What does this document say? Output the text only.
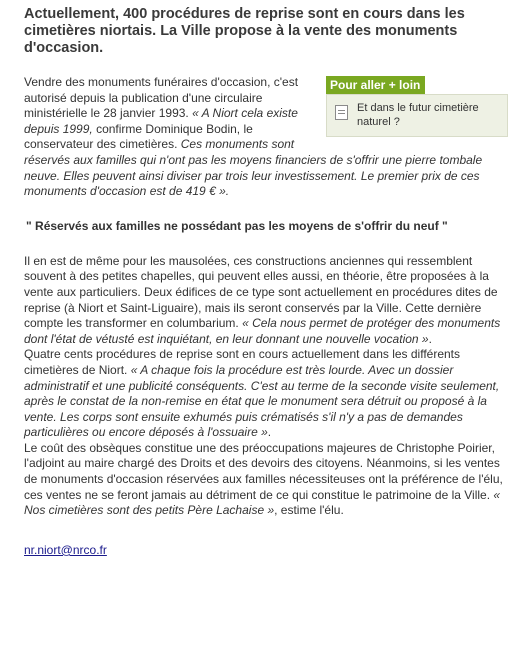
Actuellement, 400 procédures de reprise sont en cours dans les cimetières niortais. La Ville propose à la vente des monuments d'occasion.
Pour aller + loin
Et dans le futur cimetière naturel ?

Vendre des monuments funéraires d'occasion, c'est autorisé depuis la publication d'une circulaire ministérielle le 28 janvier 1993. « A Niort cela existe depuis 1999, confirme Dominique Bodin, le conservateur des cimetières. Ces monuments sont réservés aux familles qui n'ont pas les moyens financiers de s'offrir une pierre tombale neuve. Elles peuvent ainsi diviser par trois leur investissement. Le premier prix de ces monuments d'occasion est de 419 € ».

" Réservés aux familles ne possédant pas les moyens de s'offrir du neuf "

Il en est de même pour les mausolées, ces constructions anciennes qui ressemblent souvent à des petites chapelles, qui peuvent elles aussi, en théorie, être proposées à la vente aux particuliers. Deux édifices de ce type sont actuellement en procédures dites de reprise (à Niort et Saint-Liguaire), mais ils seront conservés par la Ville. Cette dernière compte les transformer en columbarium. « Cela nous permet de protéger des monuments dont l'état de vétusté est inquiétant, en leur donnant une nouvelle vocation ».

Quatre cents procédures de reprise sont en cours actuellement dans les différents cimetières de Niort. « A chaque fois la procédure est très lourde. Avec un dossier administratif et une publicité conséquents. C'est au terme de la seconde visite seulement, après le constat de la non-remise en état que le monument sera détruit ou proposé à la vente. Les corps sont ensuite exhumés puis crématisés s'il n'y a pas de demandes particulières ou encore déposés à l'ossuaire ».

Le coût des obsèques constitue une des préoccupations majeures de Christophe Poirier, l'adjoint au maire chargé des Droits et des devoirs des citoyens. Néanmoins, si les ventes de monuments d'occasion réservées aux familles nécessiteuses ont la préférence de l'élu, ces ventes ne se feront jamais au détriment de ce qui constitue le patrimoine de la Ville. « Nos cimetières sont des petits Père Lachaise », estime l'élu.

nr.niort@nrco.fr
